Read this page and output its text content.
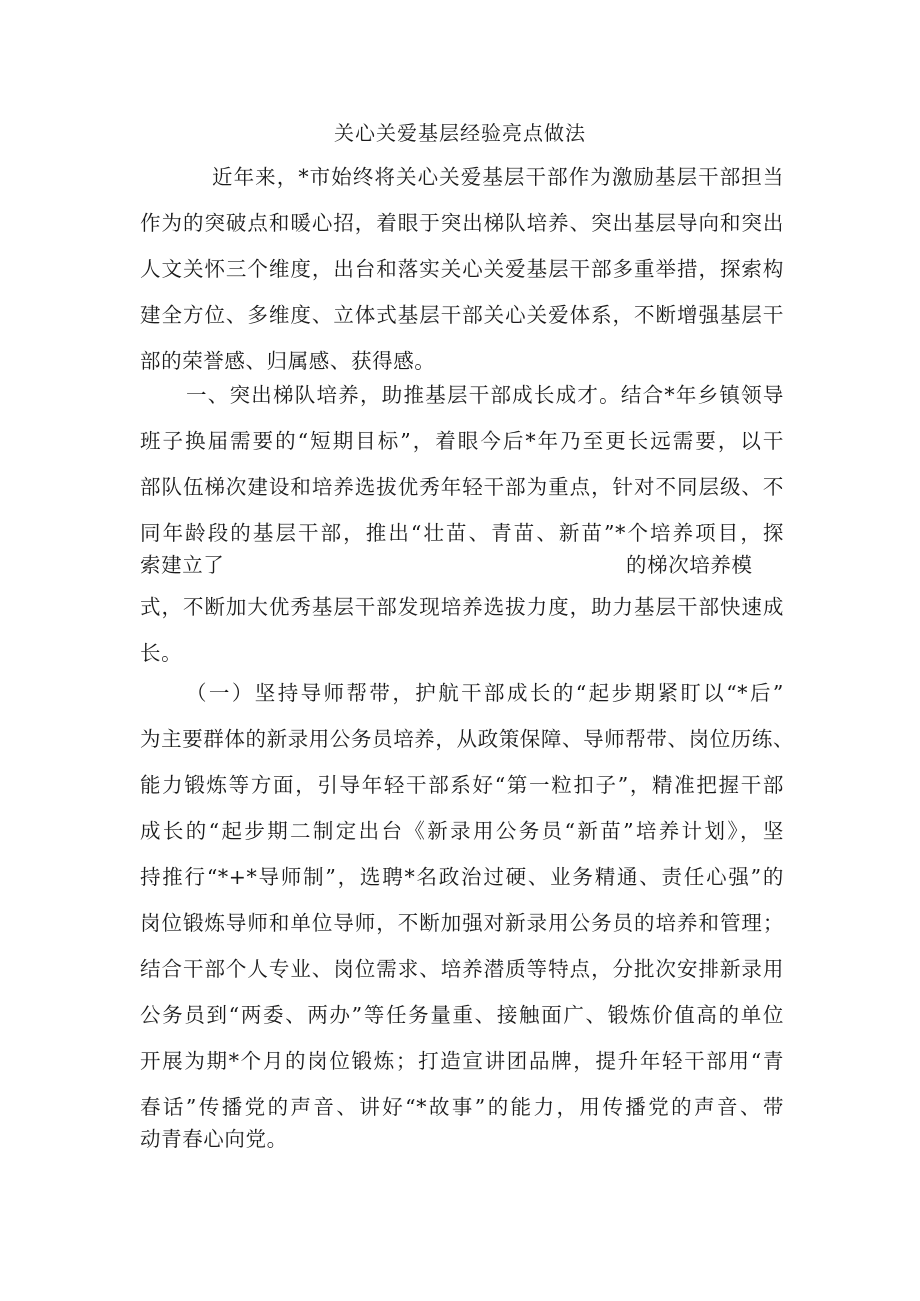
关心关爱基层经验亮点做法

近年来，*市始终将关心关爱基层干部作为激励基层干部担当

作为的突破点和暖心招，着眼于突出梯队培养、突出基层导向和突出

人文关怀三个维度，出台和落实关心关爱基层干部多重举措，探索构

建全方位、多维度、立体式基层干部关心关爱体系，不断增强基层干

部的荣誉感、归属感、获得感。

一、突出梯队培养，助推基层干部成长成才。结合*年乡镇领导

班子换届需要的“短期目标”，着眼今后*年乃至更长远需要，以干

部队伍梯次建设和培养选拔优秀年轻干部为重点，针对不同层级、不

同年龄段的基层干部，推出“壮苗、青苗、新苗”*个培养项目，探

索建立了	的梯次培养模

式，不断加大优秀基层干部发现培养选拔力度，助力基层干部快速成

长。

（一）坚持导师帮带，护航干部成长的“起步期紧盯以“*后”

为主要群体的新录用公务员培养，从政策保障、导师帮带、岗位历练、

能力锻炼等方面，引导年轻干部系好“第一粒扣子”，精准把握干部

成长的“起步期二制定出台《新录用公务员“新苗”培养计划》，坚

持推行“*+*导师制”，选聘*名政治过硬、业务精通、责任心强”的

岗位锻炼导师和单位导师，不断加强对新录用公务员的培养和管理；

结合干部个人专业、岗位需求、培养潜质等特点，分批次安排新录用

公务员到“两委、两办”等任务量重、接触面广、锻炼价值高的单位

开展为期*个月的岗位锻炼；打造宣讲团品牌，提升年轻干部用“青

春话”传播党的声音、讲好“*故事”的能力，用传播党的声音、带

动青春心向党。
